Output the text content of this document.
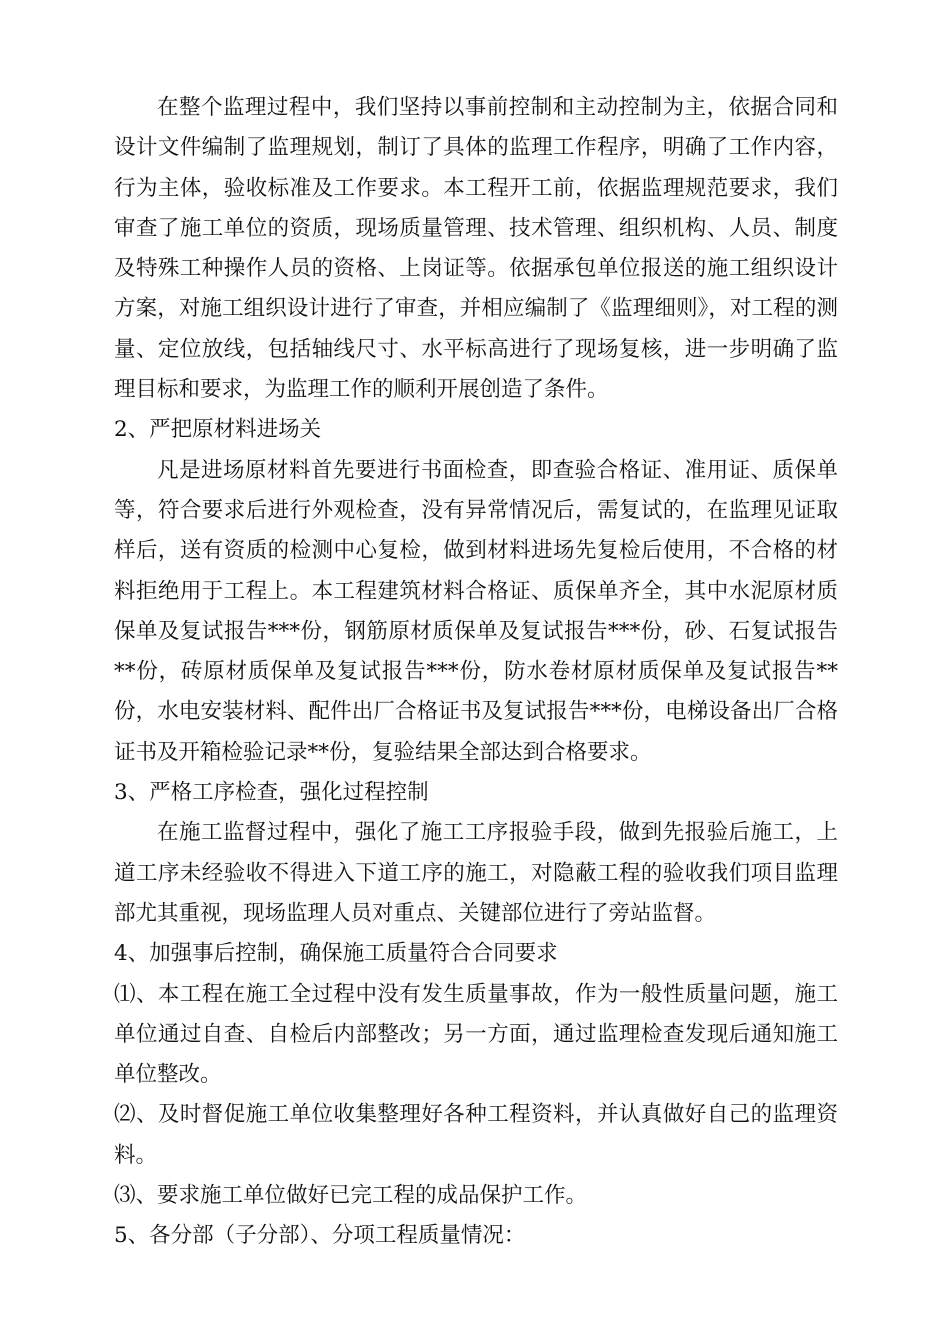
在整个监理过程中，我们坚持以事前控制和主动控制为主，依据合同和设计文件编制了监理规划，制订了具体的监理工作程序，明确了工作内容，行为主体，验收标准及工作要求。本工程开工前，依据监理规范要求，我们审查了施工单位的资质，现场质量管理、技术管理、组织机构、人员、制度及特殊工种操作人员的资格、上岗证等。依据承包单位报送的施工组织设计方案，对施工组织设计进行了审查，并相应编制了《监理细则》，对工程的测量、定位放线，包括轴线尺寸、水平标高进行了现场复核，进一步明确了监理目标和要求，为监理工作的顺利开展创造了条件。

2、严把原材料进场关

凡是进场原材料首先要进行书面检查，即查验合格证、准用证、质保单等，符合要求后进行外观检查，没有异常情况后，需复试的，在监理见证取样后，送有资质的检测中心复检，做到材料进场先复检后使用，不合格的材料拒绝用于工程上。本工程建筑材料合格证、质保单齐全，其中水泥原材质保单及复试报告***份，钢筋原材质保单及复试报告***份，砂、石复试报告**份，砖原材质保单及复试报告***份，防水卷材原材质保单及复试报告**份，水电安装材料、配件出厂合格证书及复试报告***份，电梯设备出厂合格证书及开箱检验记录**份，复验结果全部达到合格要求。

3、严格工序检查，强化过程控制

在施工监督过程中，强化了施工工序报验手段，做到先报验后施工，上道工序未经验收不得进入下道工序的施工，对隐蔽工程的验收我们项目监理部尤其重视，现场监理人员对重点、关键部位进行了旁站监督。

4、加强事后控制，确保施工质量符合合同要求

⑴、本工程在施工全过程中没有发生质量事故，作为一般性质量问题，施工单位通过自查、自检后内部整改；另一方面，通过监理检查发现后通知施工单位整改。

⑵、及时督促施工单位收集整理好各种工程资料，并认真做好自己的监理资料。

⑶、要求施工单位做好已完工程的成品保护工作。

5、各分部（子分部）、分项工程质量情况：
